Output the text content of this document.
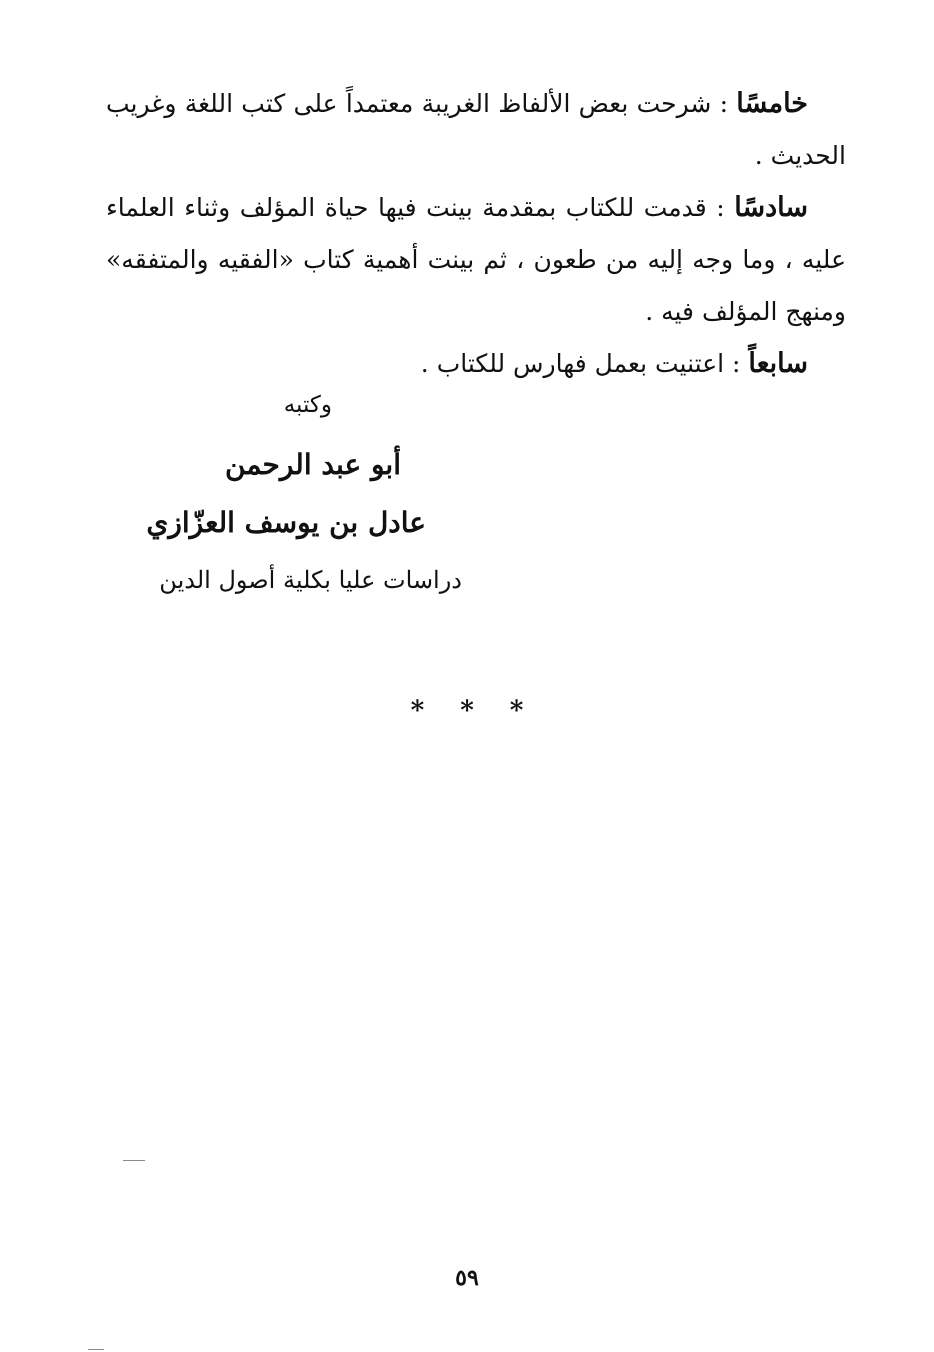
خامسًا : شرحت بعض الألفاظ الغريبة معتمداً على كتب اللغة وغريب الحديث .

سادسًا : قدمت للكتاب بمقدمة بينت فيها حياة المؤلف وثناء العلماء عليه ، وما وجه إليه من طعون ، ثم بينت أهمية كتاب «الفقيه والمتفقه» ومنهج المؤلف فيه .

سابعاً : اعتنيت بعمل فهارس للكتاب .

وكتبه
أبو عبد الرحمن
عادل بن يوسف العزّازي
دراسات عليا بكلية أصول الدين
* * *
٥٩
